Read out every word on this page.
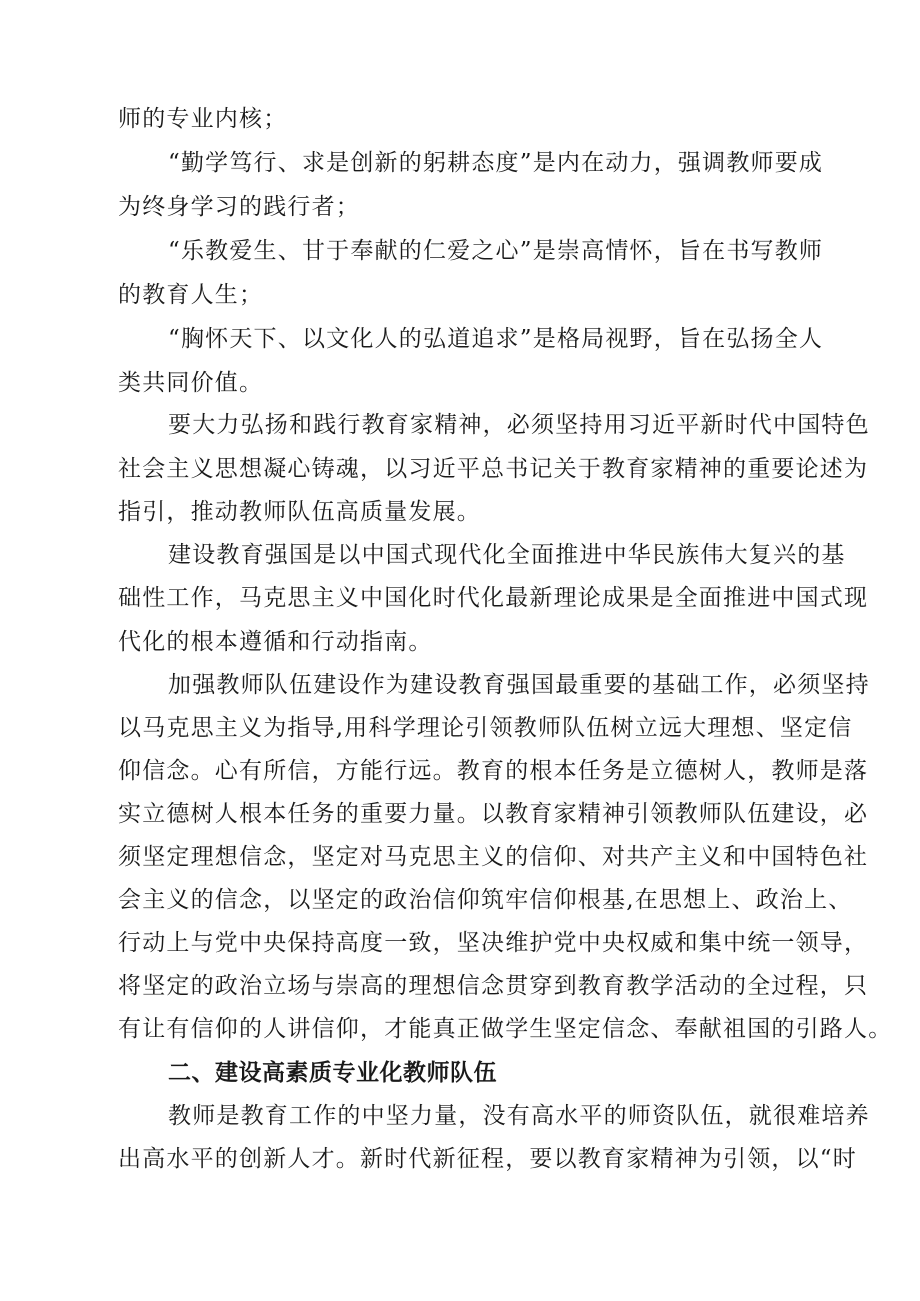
师的专业内核；
“勤学笃行、求是创新的躬耕态度”是内在动力，强调教师要成
为终身学习的践行者；
“乐教爱生、甘于奉献的仁爱之心”是崇高情怀，旨在书写教师
的教育人生；
“胸怀天下、以文化人的弘道追求”是格局视野，旨在弘扬全人
类共同价值。
要大力弘扬和践行教育家精神，必须坚持用习近平新时代中国特色
社会主义思想凝心铸魂，以习近平总书记关于教育家精神的重要论述为
指引，推动教师队伍高质量发展。
建设教育强国是以中国式现代化全面推进中华民族伟大复兴的基
础性工作，马克思主义中国化时代化最新理论成果是全面推进中国式现
代化的根本遵循和行动指南。
加强教师队伍建设作为建设教育强国最重要的基础工作，必须坚持
以马克思主义为指导,用科学理论引领教师队伍树立远大理想、坚定信
仰信念。心有所信，方能行远。教育的根本任务是立德树人，教师是落
实立德树人根本任务的重要力量。以教育家精神引领教师队伍建设，必
须坚定理想信念，坚定对马克思主义的信仰、对共产主义和中国特色社
会主义的信念，以坚定的政治信仰筑牢信仰根基,在思想上、政治上、
行动上与党中央保持高度一致，坚决维护党中央权威和集中统一领导，
将坚定的政治立场与崇高的理想信念贯穿到教育教学活动的全过程，只
有让有信仰的人讲信仰，才能真正做学生坚定信念、奉献祖国的引路人。
二、建设高素质专业化教师队伍
教师是教育工作的中坚力量，没有高水平的师资队伍，就很难培养
出高水平的创新人才。新时代新征程，要以教育家精神为引领，以“时
